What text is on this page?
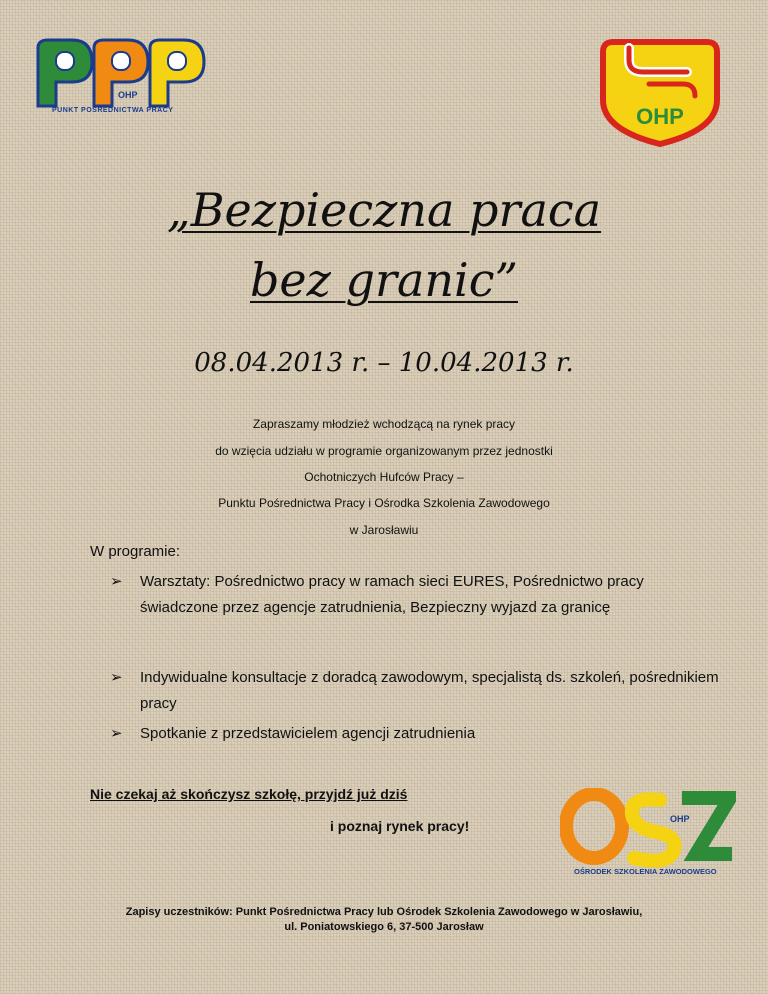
OHP
PUNKT POŚREDNICTWA PRACY	OHP
„Bezpieczna praca
bez granic”
08.04.2013 r. – 10.04.2013 r.
Zapraszamy młodzież wchodzącą na rynek pracy
do wzięcia udziału w programie organizowanym przez jednostki
Ochotniczych Hufców Pracy –
Punktu Pośrednictwa Pracy i Ośrodka Szkolenia Zawodowego
w Jarosławiu
W programie:
➢ Warsztaty: Pośrednictwo pracy w ramach sieci EURES, Pośrednictwo pracy świadczone przez agencje zatrudnienia, Bezpieczny wyjazd za granicę
➢ Indywidualne konsultacje z doradcą zawodowym, specjalistą ds. szkoleń, pośrednikiem pracy
➢ Spotkanie z przedstawicielem agencji zatrudnienia
Nie czekaj aż skończysz szkołę, przyjdź już dziś
i poznaj rynek pracy!	OHP
OŚRODEK SZKOLENIA ZAWODOWEGO
Zapisy uczestników: Punkt Pośrednictwa Pracy lub Ośrodek Szkolenia Zawodowego w Jarosławiu,
ul. Poniatowskiego 6, 37-500 Jarosław
